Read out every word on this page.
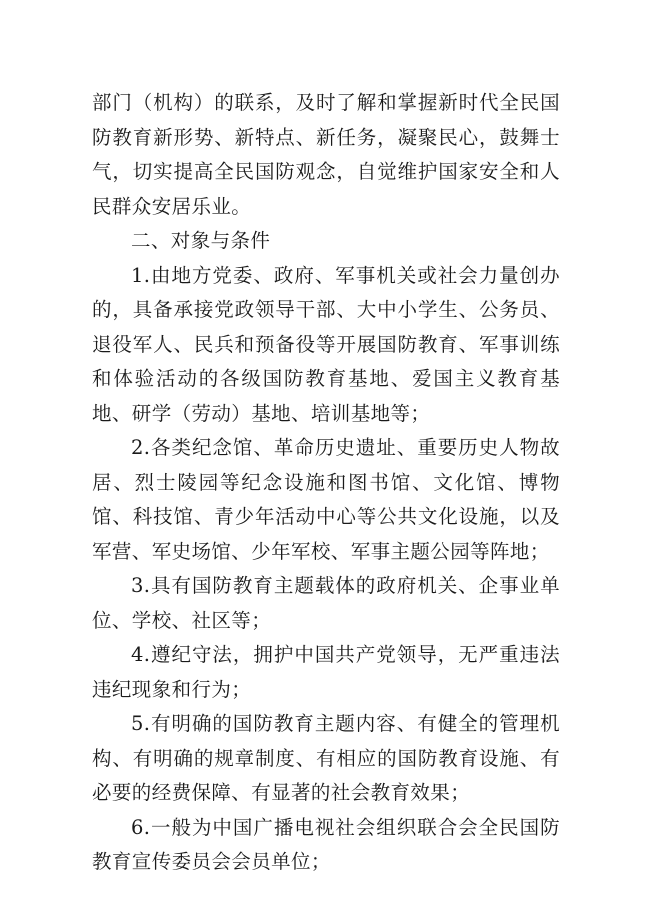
部门（机构）的联系，及时了解和掌握新时代全民国防教育新形势、新特点、新任务，凝聚民心，鼓舞士气，切实提高全民国防观念，自觉维护国家安全和人民群众安居乐业。

二、对象与条件

1.由地方党委、政府、军事机关或社会力量创办的，具备承接党政领导干部、大中小学生、公务员、退役军人、民兵和预备役等开展国防教育、军事训练和体验活动的各级国防教育基地、爱国主义教育基地、研学（劳动）基地、培训基地等；

2.各类纪念馆、革命历史遗址、重要历史人物故居、烈士陵园等纪念设施和图书馆、文化馆、博物馆、科技馆、青少年活动中心等公共文化设施，以及军营、军史场馆、少年军校、军事主题公园等阵地；

3.具有国防教育主题载体的政府机关、企事业单位、学校、社区等；

4.遵纪守法，拥护中国共产党领导，无严重违法违纪现象和行为；

5.有明确的国防教育主题内容、有健全的管理机构、有明确的规章制度、有相应的国防教育设施、有必要的经费保障、有显著的社会教育效果；

6.一般为中国广播电视社会组织联合会全民国防教育宣传委员会会员单位；
